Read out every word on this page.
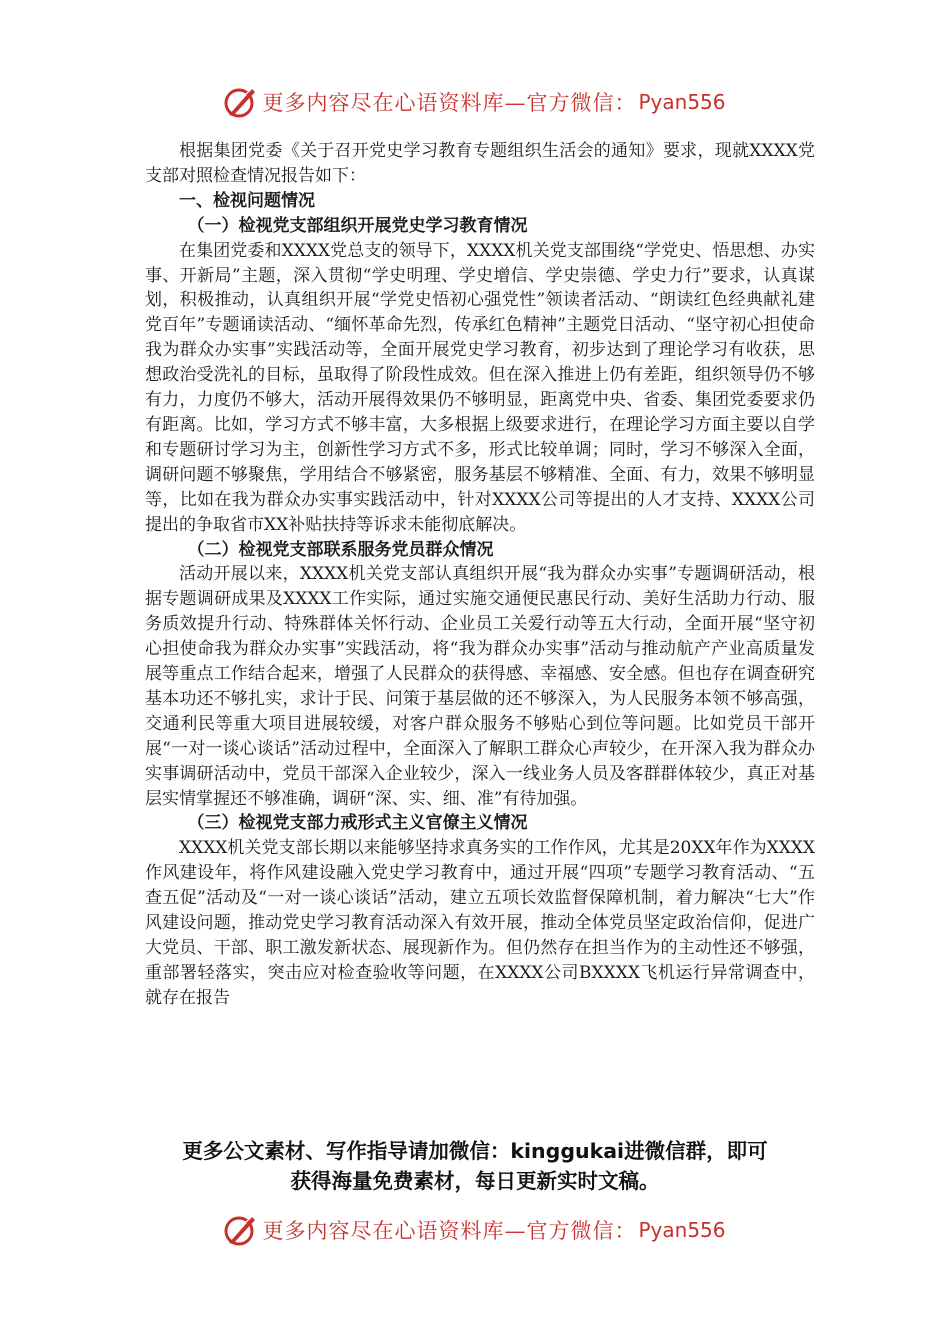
更多内容尽在心语资料库—官方微信： Pyan556

根据集团党委《关于召开党史学习教育专题组织生活会的通知》要求，现就XXXX党支部对照检查情况报告如下：

一、检视问题情况

（一）检视党支部组织开展党史学习教育情况

在集团党委和XXXX党总支的领导下，XXXX机关党支部围绕“学党史、悟思想、办实事、开新局”主题，深入贯彻“学史明理、学史增信、学史崇德、学史力行”要求，认真谋划，积极推动，认真组织开展“学党史悟初心强党性”领读者活动、“朗读红色经典献礼建党百年”专题诵读活动、“缅怀革命先烈，传承红色精神”主题党日活动、“坚守初心担使命我为群众办实事”实践活动等，全面开展党史学习教育，初步达到了理论学习有收获，思想政治受洗礼的目标，虽取得了阶段性成效。但在深入推进上仍有差距，组织领导仍不够有力，力度仍不够大，活动开展得效果仍不够明显，距离党中央、省委、集团党委要求仍有距离。比如，学习方式不够丰富，大多根据上级要求进行，在理论学习方面主要以自学和专题研讨学习为主，创新性学习方式不多，形式比较单调；同时，学习不够深入全面，调研问题不够聚焦，学用结合不够紧密，服务基层不够精准、全面、有力，效果不够明显等，比如在我为群众办实事实践活动中，针对XXXX公司等提出的人才支持、XXXX公司提出的争取省市XX补贴扶持等诉求未能彻底解决。

（二）检视党支部联系服务党员群众情况

活动开展以来，XXXX机关党支部认真组织开展“我为群众办实事”专题调研活动，根据专题调研成果及XXXX工作实际，通过实施交通便民惠民行动、美好生活助力行动、服务质效提升行动、特殊群体关怀行动、企业员工关爱行动等五大行动，全面开展“坚守初心担使命我为群众办实事”实践活动，将“我为群众办实事”活动与推动航产产业高质量发展等重点工作结合起来，增强了人民群众的获得感、幸福感、安全感。但也存在调查研究基本功还不够扎实，求计于民、问策于基层做的还不够深入，为人民服务本领不够高强，交通利民等重大项目进展较缓，对客户群众服务不够贴心到位等问题。比如党员干部开展“一对一谈心谈话”活动过程中，全面深入了解职工群众心声较少，在开深入我为群众办实事调研活动中，党员干部深入企业较少，深入一线业务人员及客群群体较少，真正对基层实情掌握还不够准确，调研“深、实、细、准”有待加强。

（三）检视党支部力戒形式主义官僚主义情况

XXXX机关党支部长期以来能够坚持求真务实的工作作风，尤其是20XX年作为XXXX作风建设年，将作风建设融入党史学习教育中，通过开展“四项”专题学习教育活动、“五查五促”活动及“一对一谈心谈话”活动，建立五项长效监督保障机制，着力解决“七大”作风建设问题，推动党史学习教育活动深入有效开展，推动全体党员坚定政治信仰，促进广大党员、干部、职工激发新状态、展现新作为。但仍然存在担当作为的主动性还不够强，重部署轻落实，突击应对检查验收等问题，在XXXX公司BXXXX飞机运行异常调查中，就存在报告

更多公文素材、写作指导请加微信：kinggukai进微信群，即可
获得海量免费素材，每日更新实时文稿。
更多内容尽在心语资料库—官方微信： Pyan556
